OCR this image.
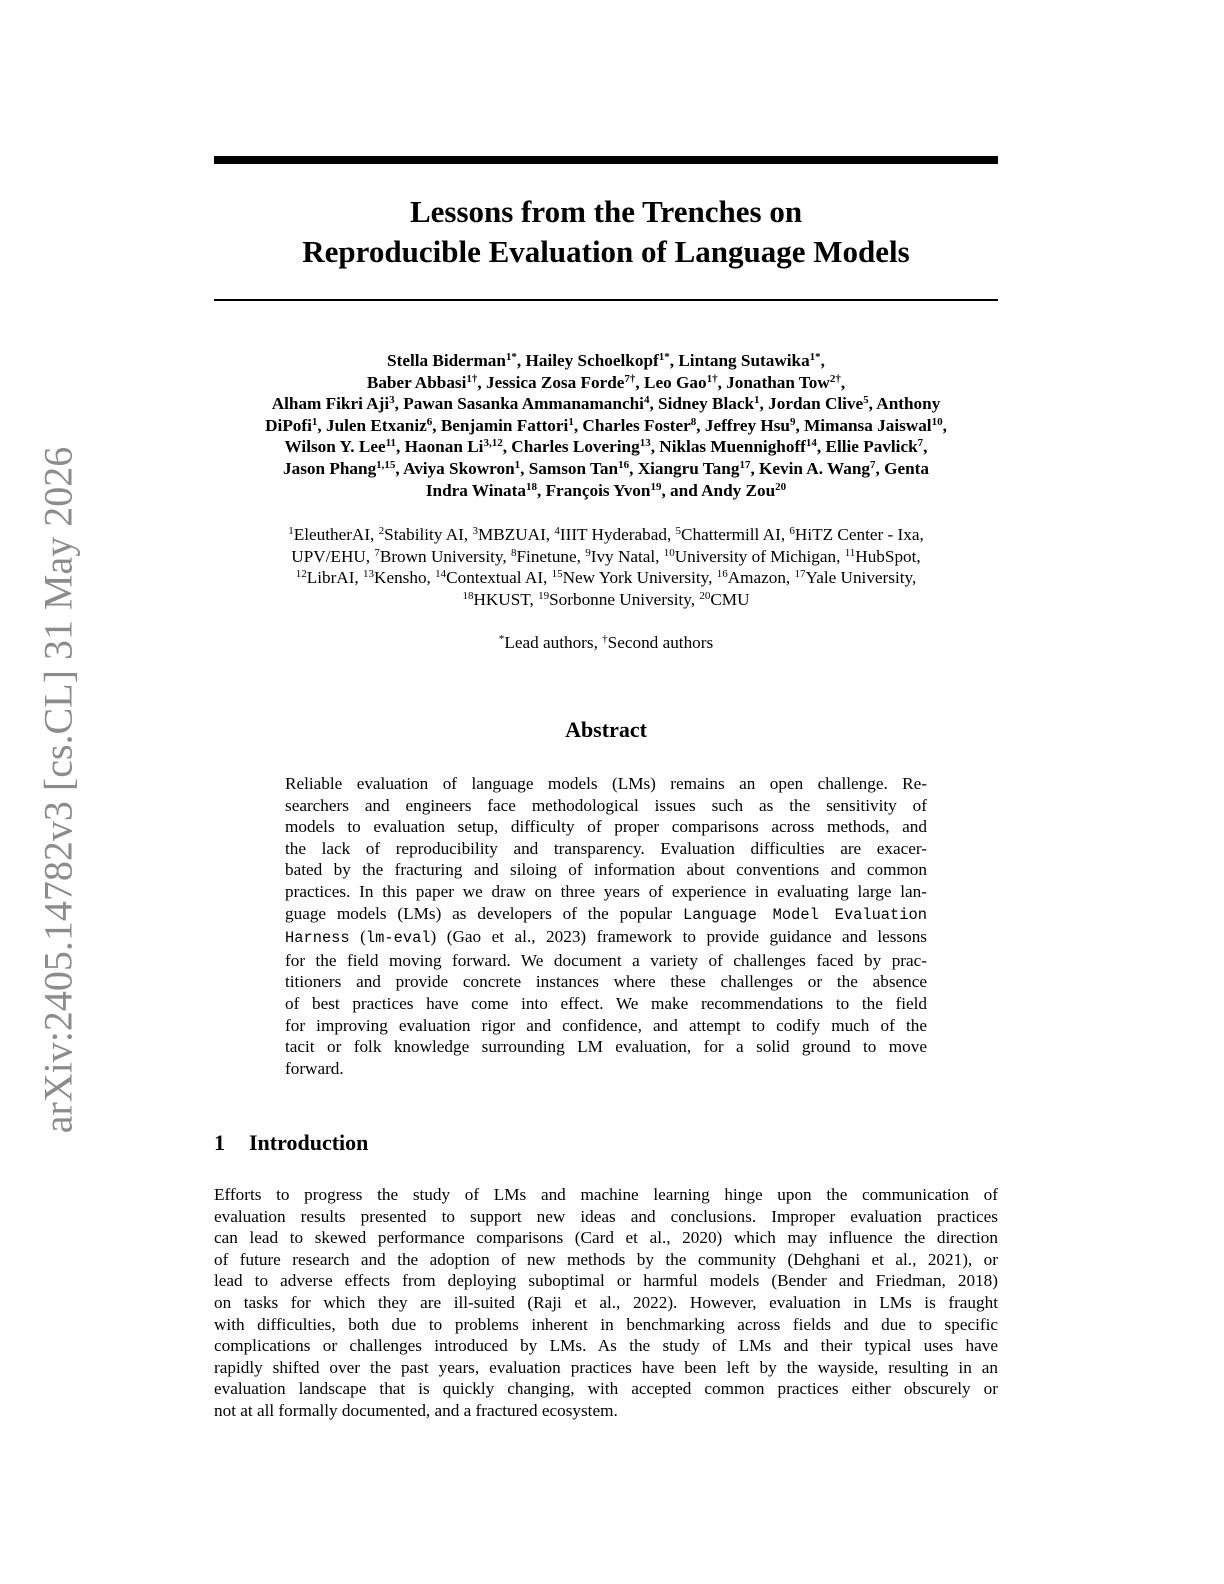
arXiv:2405.14782v3 [cs.CL] 31 May 2026
Lessons from the Trenches on
Reproducible Evaluation of Language Models
Stella Biderman$^{1*}$, Hailey Schoelkopf$^{1*}$, Lintang Sutawika$^{1*}$,
Baber Abbasi$^{1\dagger}$, Jessica Zosa Forde$^{7\dagger}$, Leo Gao$^{1\dagger}$, Jonathan Tow$^{2\dagger}$,
Alham Fikri Aji$^3$, Pawan Sasanka Ammanamanchi$^4$, Sidney Black$^1$, Jordan Clive$^5$, Anthony
DiPofi$^1$, Julen Etxaniz$^6$, Benjamin Fattori$^1$, Charles Foster$^8$, Jeffrey Hsu$^9$, Mimansa Jaiswal$^{10}$,
Wilson Y. Lee$^{11}$, Haonan Li$^{3,12}$, Charles Lovering$^{13}$, Niklas Muennighoff$^{14}$, Ellie Pavlick$^7$,
Jason Phang$^{1,15}$, Aviya Skowron$^1$, Samson Tan$^{16}$, Xiangru Tang$^{17}$, Kevin A. Wang$^7$, Genta
Indra Winata$^{18}$, François Yvon$^{19}$, and Andy Zou$^{20}$
$^1$EleutherAI, $^2$Stability AI, $^3$MBZUAI, $^4$IIIT Hyderabad, $^5$Chattermill AI, $^6$HiTZ Center - Ixa,
UPV/EHU, $^7$Brown University, $^8$Finetune, $^9$Ivy Natal, $^{10}$University of Michigan, $^{11}$HubSpot,
$^{12}$LibrAI, $^{13}$Kensho, $^{14}$Contextual AI, $^{15}$New York University, $^{16}$Amazon, $^{17}$Yale University,
$^{18}$HKUST, $^{19}$Sorbonne University, $^{20}$CMU
*Lead authors, †Second authors
Abstract
Reliable evaluation of language models (LMs) remains an open challenge. Re-
searchers and engineers face methodological issues such as the sensitivity of
models to evaluation setup, difficulty of proper comparisons across methods, and
the lack of reproducibility and transparency. Evaluation difficulties are exacer-
bated by the fracturing and siloing of information about conventions and common
practices. In this paper we draw on three years of experience in evaluating large lan-
guage models (LMs) as developers of the popular Language Model Evaluation
Harness (lm-eval) (Gao et al., 2023) framework to provide guidance and lessons
for the field moving forward. We document a variety of challenges faced by prac-
titioners and provide concrete instances where these challenges or the absence
of best practices have come into effect. We make recommendations to the field
for improving evaluation rigor and confidence, and attempt to codify much of the
tacit or folk knowledge surrounding LM evaluation, for a solid ground to move
forward.
1 Introduction
Efforts to progress the study of LMs and machine learning hinge upon the communication of
evaluation results presented to support new ideas and conclusions. Improper evaluation practices
can lead to skewed performance comparisons (Card et al., 2020) which may influence the direction
of future research and the adoption of new methods by the community (Dehghani et al., 2021), or
lead to adverse effects from deploying suboptimal or harmful models (Bender and Friedman, 2018)
on tasks for which they are ill-suited (Raji et al., 2022). However, evaluation in LMs is fraught
with difficulties, both due to problems inherent in benchmarking across fields and due to specific
complications or challenges introduced by LMs. As the study of LMs and their typical uses have
rapidly shifted over the past years, evaluation practices have been left by the wayside, resulting in an
evaluation landscape that is quickly changing, with accepted common practices either obscurely or
not at all formally documented, and a fractured ecosystem.
